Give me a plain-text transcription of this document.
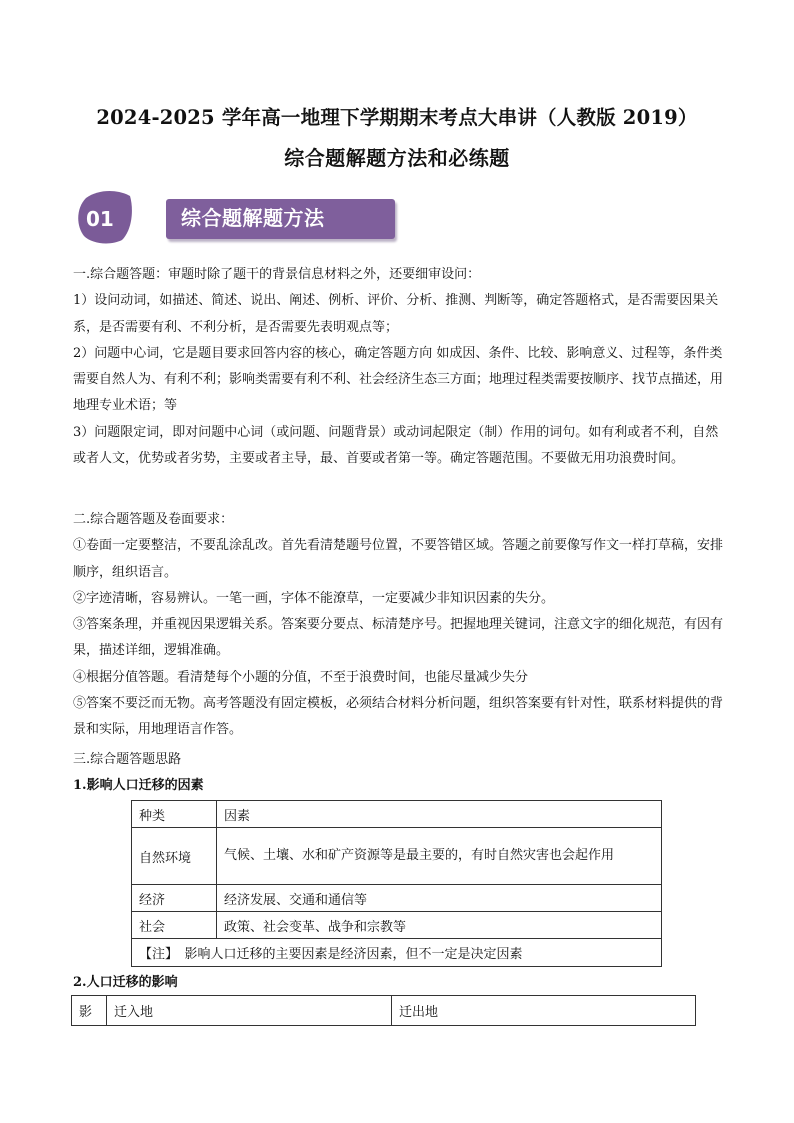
2024-2025 学年高一地理下学期期末考点大串讲（人教版 2019）
综合题解题方法和必练题
01	综合题解题方法

一.综合题答题：审题时除了题干的背景信息材料之外，还要细审设问：

1）设问动词，如描述、简述、说出、阐述、例析、评价、分析、推测、判断等，确定答题格式，是否需要因果关系，是否需要有利、不利分析，是否需要先表明观点等；

2）问题中心词，它是题目要求回答内容的核心，确定答题方向 如成因、条件、比较、影响意义、过程等，条件类需要自然人为、有利不利；影响类需要有利不利、社会经济生态三方面；地理过程类需要按顺序、找节点描述，用地理专业术语；等

3）问题限定词，即对问题中心词（或问题、问题背景）或动词起限定（制）作用的词句。如有利或者不利，自然或者人文，优势或者劣势，主要或者主导，最、首要或者第一等。确定答题范围。不要做无用功浪费时间。

二.综合题答题及卷面要求：

①卷面一定要整洁，不要乱涂乱改。首先看清楚题号位置，不要答错区域。答题之前要像写作文一样打草稿，安排顺序，组织语言。

②字迹清晰，容易辨认。一笔一画，字体不能潦草，一定要减少非知识因素的失分。

③答案条理，并重视因果逻辑关系。答案要分要点、标清楚序号。把握地理关键词，注意文字的细化规范，有因有果，描述详细，逻辑准确。

④根据分值答题。看清楚每个小题的分值，不至于浪费时间，也能尽量减少失分

⑤答案不要泛而无物。高考答题没有固定模板，必须结合材料分析问题，组织答案要有针对性，联系材料提供的背景和实际，用地理语言作答。

三.综合题答题思路

1.影响人口迁移的因素

种类	因素
自然环境	气候、土壤、水和矿产资源等是最主要的，有时自然灾害也会起作用
经济	经济发展、交通和通信等
社会	政策、社会变革、战争和宗教等
【注】　影响人口迁移的主要因素是经济因素，但不一定是决定因素	
2.人口迁移的影响
影	迁入地	迁出地
